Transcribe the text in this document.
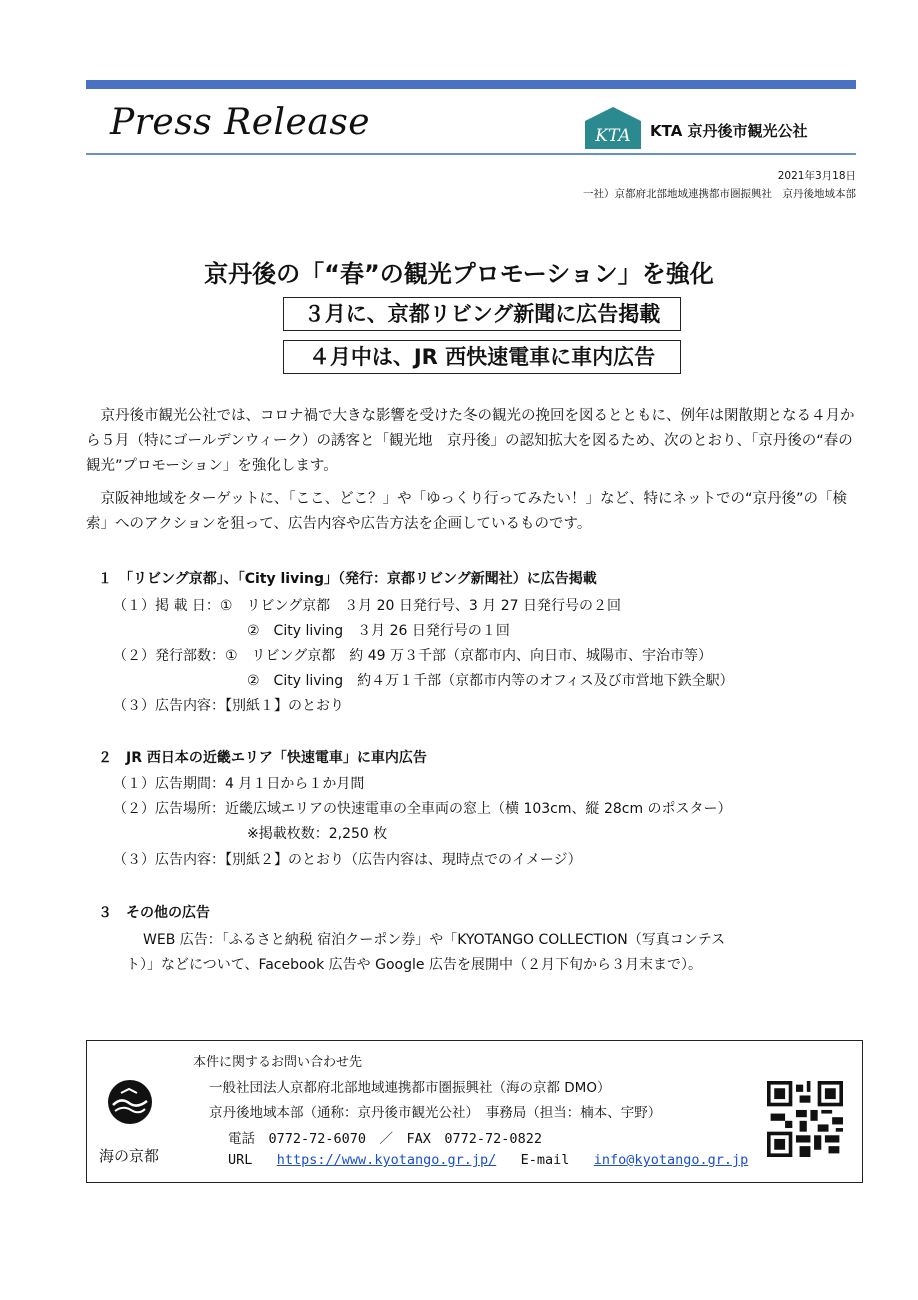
Press Release	KTA KTA 京丹後市観光公社
2021年3月18日
一社）京都府北部地域連携都市圏振興社　京丹後地域本部
京丹後の「“春”の観光プロモーション」を強化
３月に、京都リビング新聞に広告掲載
４月中は、JR 西快速電車に車内広告

京丹後市観光公社では、コロナ禍で大きな影響を受けた冬の観光の挽回を図るとともに、例年は閑散期となる４月から５月（特にゴールデンウィーク）の誘客と「観光地　京丹後」の認知拡大を図るため、次のとおり、「京丹後の“春の観光”プロモーション」を強化します。

京阪神地域をターゲットに、「ここ、どこ？」や「ゆっくり行ってみたい！」など、特にネットでの“京丹後”の「検索」へのアクションを狙って、広告内容や広告方法を企画しているものです。

１　「リビング京都」、「City living」（発行：京都リビング新聞社）に広告掲載
（１）掲 載 日：①　リビング京都　３月 20 日発行号、3 月 27 日発行号の２回
②　City living　３月 26 日発行号の１回
（２）発行部数：①　リビング京都　約 49 万３千部（京都市内、向日市、城陽市、宇治市等）
②　City living　約４万１千部（京都市内等のオフィス及び市営地下鉄全駅）
（３）広告内容：【別紙１】のとおり
２　JR 西日本の近畿エリア「快速電車」に車内広告
（１）広告期間：4 月１日から１か月間
（２）広告場所：近畿広域エリアの快速電車の全車両の窓上（横 103cm、縦 28cm のポスター）
※掲載枚数：2,250 枚
（３）広告内容：【別紙２】のとおり（広告内容は、現時点でのイメージ）
３　その他の広告
WEB 広告：「ふるさと納税 宿泊クーポン券」や「KYOTANGO COLLECTION（写真コンテス
ト）」などについて、Facebook 広告や Google 広告を展開中（２月下旬から３月末まで）。
海の京都
本件に関するお問い合わせ先
一般社団法人京都府北部地域連携都市圏振興社（海の京都 DMO）
京丹後地域本部（通称：京丹後市観光公社）　事務局（担当：楠本、宇野）
電話　0772-72-6070　／　FAX　0772-72-0822
URL https://www.kyotango.gr.jp/ E-mail info@kyotango.gr.jp
